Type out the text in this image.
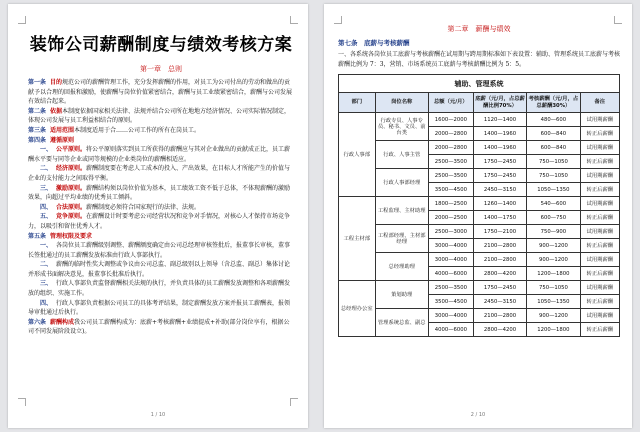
装饰公司薪酬制度与绩效考核方案
第一章　总则
第一条 目的规范公司的薪酬管理工作，充分发挥薪酬的作用，对员工为公司付出的劳动和做出的贡献予以合理的回报和激励，使薪酬与岗位价值紧密结合，薪酬与员工业绩紧密结合，薪酬与公司发展有效结合起来。
第二条 依据本制度依据国家相关法律、法规并结合公司所在地地方经济情况、公司实际情况制定，体现公司发展与员工利益相结合的原则。
第三条 适用范围本制度适用于合……公司工作的所有在岗员工。
第四条 遵循原则
一、 公平原则。将公平原则落实到员工所获得的薪酬应与其对企业做出的贡献成正比，员工薪酬水平要与同等企业或同等规模的企业类岗位的薪酬相适应。
二、 经济原则。薪酬制度要在考虑人工成本的投入、产出效果，在目标人才所能产生的价值与企业的支付能力之间取得平衡。
三、 激励原则。薪酬结构须以岗位价值为基本，员工绩效工资不低于总体，不体现薪酬的激励效果，向超过平均业绩的优秀员工倾斜。
四、 合法原则。薪酬制度必须符合国家现行的法律、法规。
五、 竞争原则。在薪酬设计时要考虑公司经营状况和竞争对手情况，对核心人才保持市场竞争力，以吸引和留住优秀人才。
第五条 管理权限及要求
一、 各岗位员工薪酬级别调整、薪酬额度确定由公司总经理审核签批后，报董事长审核，董事长签批通过的员工薪酬发放标准由行政人事部执行。
二、 薪酬的临时性奖大调整或争议由公司总监、副总级别以上领导（含总监、副总）集体讨论并形成书面解决意见，报董事长批准后执行。
三、 行政人事部负责监督薪酬相关法规的执行，并负责具体的员工薪酬发放调整和各项薪酬发放的组织、实施工作。
四、 行政人事部负责根据公司员工的具体考评结果，制定薪酬发放方案并报员工薪酬表，报领导审批通过后执行。
第六条 薪酬构成我公司员工薪酬构成为：底薪+考核薪酬+业绩提成+补助(部分岗位享有，根据公司不同发展阶段设立)。
1 / 10
第二章　薪酬与绩效
第七条　底薪与考核薪酬
一、各系统各岗位员工底薪与考核薪酬在试用期与跨用期标准如下表设置：辅助、管理系统员工底薪与考核薪酬比例为 7：3，营销、市场系统员工底薪与考核薪酬比例为 5：5。
辅助、管理系统					
部门	岗位名称	总额（元/月）	底薪（元/月，占总薪酬比例70%）	考核薪酬（元/月，占总薪酬30%）	备注
行政人事部	行政专员、人事专员、秘书、文员、前台类	1600—2000	1120—1400	480—600	试用期薪酬
		2000—2800	1400—1960	600—840	转正后薪酬
	行政、人事主管	2000—2800	1400—1960	600—840	试用期薪酬
		2500—3500	1750—2450	750—1050	转正后薪酬
	行政人事部经理	2500—3500	1750—2450	750—1050	试用期薪酬
		3500—4500	2450—3150	1050—1350	转正后薪酬
工程主材部	工程监理、主材助理	1800—2500	1260—1400	540—600	试用期薪酬
		2000—2500	1400—1750	600—750	转正后薪酬
	工程部经理、主材部经理	2500—3000	1750—2100	750—900	试用期薪酬
		3000—4000	2100—2800	900—1200	转正后薪酬
	总经理助理	3000—4000	2100—2800	900—1200	试用期薪酬
		4000—6000	2800—4200	1200—1800	转正后薪酬
总经理办公室	策划助理	2500—3500	1750—2450	750—1050	试用期薪酬
		3500—4500	2450—3150	1050—1350	转正后薪酬
	管理系统总监、副总	3000—4000	2100—2800	900—1200	试用期薪酬
		4000—6000	2800—4200	1200—1800	转正后薪酬
2 / 10
